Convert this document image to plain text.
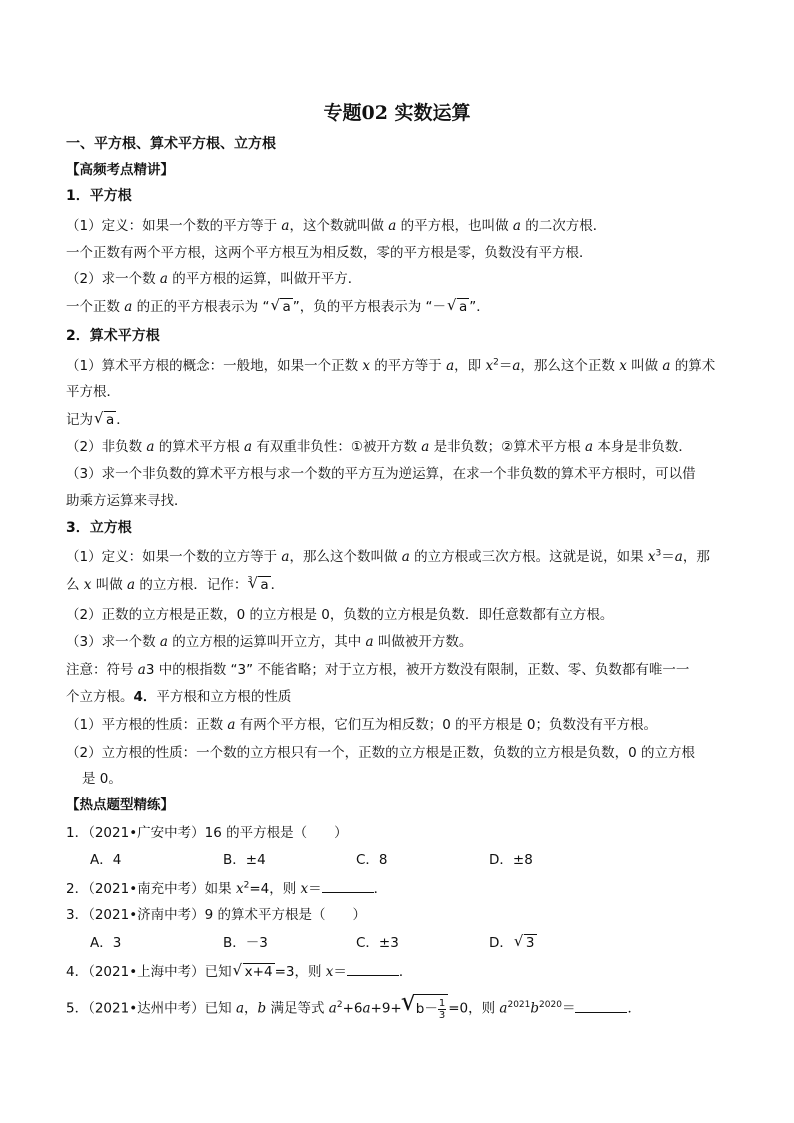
专题02 实数运算
一、平方根、算术平方根、立方根
【高频考点精讲】
1．平方根
（1）定义：如果一个数的平方等于 a，这个数就叫做 a 的平方根，也叫做 a 的二次方根．
一个正数有两个平方根，这两个平方根互为相反数，零的平方根是零，负数没有平方根．
（2）求一个数 a 的平方根的运算，叫做开平方．
一个正数 a 的正的平方根表示为 “√ a ”，负的平方根表示为 “－√ a ”．
2．算术平方根
（1）算术平方根的概念：一般地，如果一个正数 x 的平方等于 a，即 $x^2=a$，那么这个正数 x 叫做 a 的算术
平方根．
记为√ a ．
（2）非负数 a 的算术平方根 a 有双重非负性：①被开方数 a 是非负数；②算术平方根 a 本身是非负数．
（3）求一个非负数的算术平方根与求一个数的平方互为逆运算，在求一个非负数的算术平方根时，可以借
助乘方运算来寻找．
3．立方根
（1）定义：如果一个数的立方等于 a，那么这个数叫做 a 的立方根或三次方根。这就是说，如果 $x^3=a$，那
么 x 叫做 a 的立方根．记作： 3
√ a ．
（2）正数的立方根是正数，0 的立方根是 0，负数的立方根是负数．即任意数都有立方根。
（3）求一个数 a 的立方根的运算叫开立方，其中 a 叫做被开方数。
注意：符号 a3 中的根指数 “3” 不能省略；对于立方根，被开方数没有限制，正数、零、负数都有唯一一
个立方根。4．平方根和立方根的性质
（1）平方根的性质：正数 a 有两个平方根，它们互为相反数；0 的平方根是 0；负数没有平方根。
（2）立方根的性质：一个数的立方根只有一个，正数的立方根是正数，负数的立方根是负数，0 的立方根
是 0。
【热点题型精练】
1．（2021•广安中考）16 的平方根是（　　）
A．4	B．±4	C．8	D．±8
2．（2021•南充中考）如果 $x^2=4$，则 x＝	．
3．（2021•济南中考）9 的算术平方根是（　　）
A．3	B．－3	C．±3	D．√ 3
4．（2021•上海中考）已知√ x+4 =3，则 x＝	．
5．（2021•达州中考）已知 a，b 满足等式 $a^2+6a+9+√$ $b- \frac{1}{3} =0$，则 $a^{2021}b^{2020}=$	．
